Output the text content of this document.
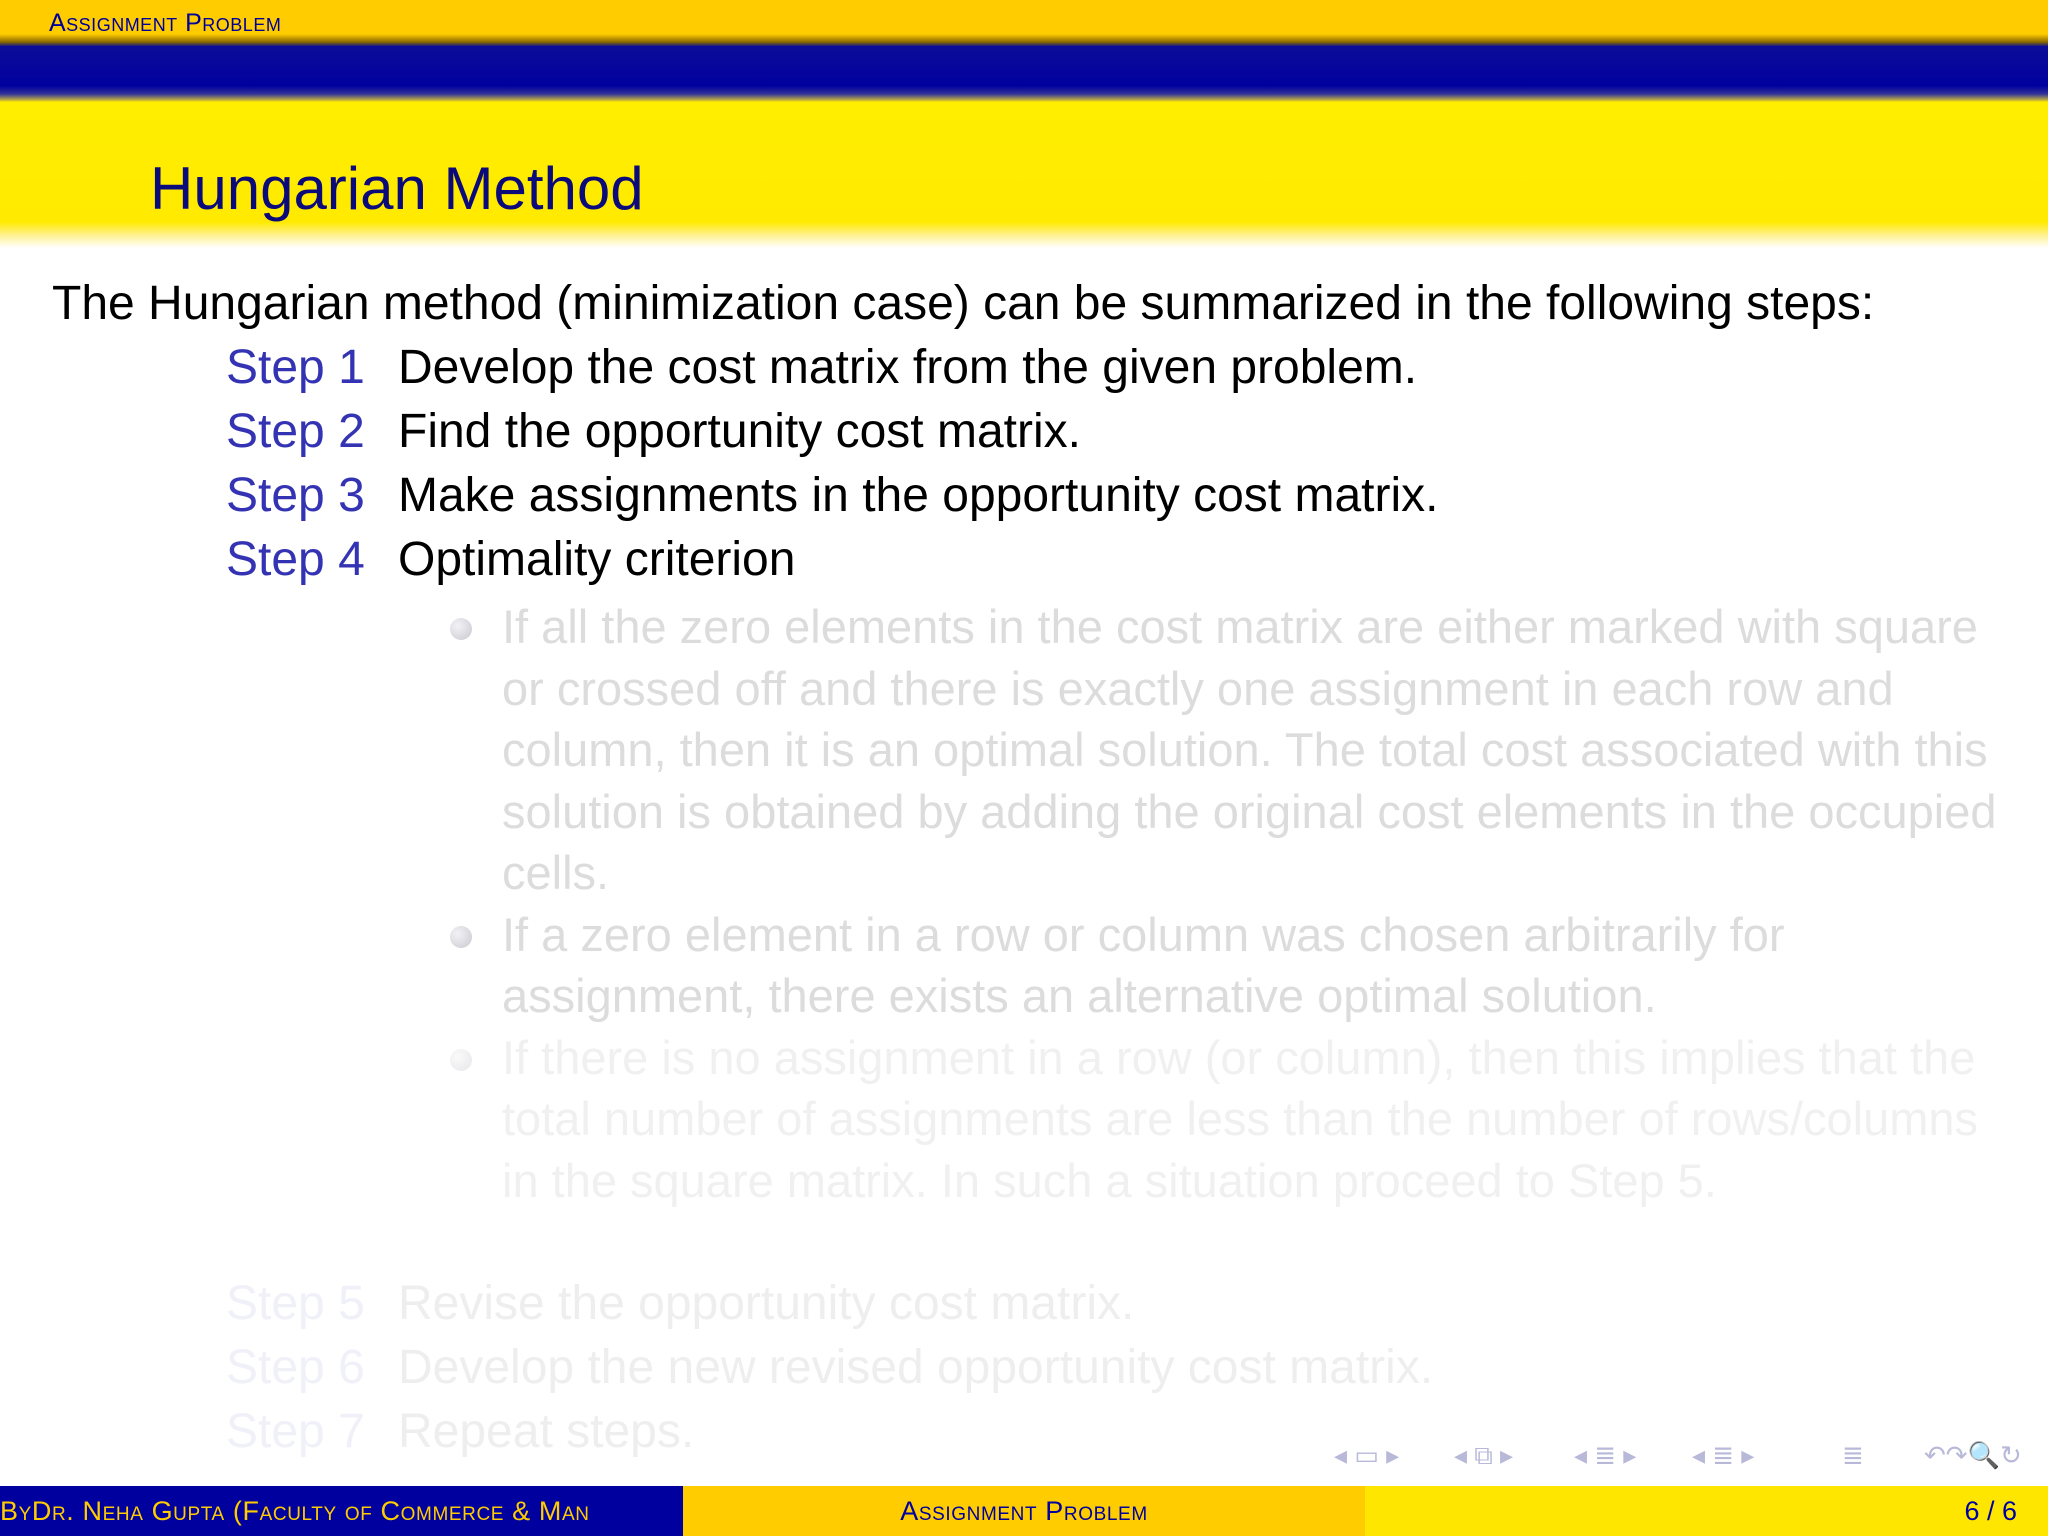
Assignment Problem
Hungarian Method
The Hungarian method (minimization case) can be summarized in the following steps:
Step 1 Develop the cost matrix from the given problem.
Step 2 Find the opportunity cost matrix.
Step 3 Make assignments in the opportunity cost matrix.
Step 4 Optimality criterion
If all the zero elements in the cost matrix are either marked with square or crossed off and there is exactly one assignment in each row and column, then it is an optimal solution. The total cost associated with this solution is obtained by adding the original cost elements in the occupied cells.
If a zero element in a row or column was chosen arbitrarily for assignment, there exists an alternative optimal solution.
If there is no assignment in a row (or column), then this implies that the total number of assignments are less than the number of rows/columns in the square matrix. In such a situation proceed to Step 5.
Step 5 Revise the opportunity cost matrix.
Step 6 Develop the new revised opportunity cost matrix.
Step 7 Repeat steps.	◂ ▭ ▸ ◂ ⧉ ▸ ◂ ≣ ▸ ◂ ≣ ▸	≣ ↶↷🔍↻
ByDr. Neha Gupta (Faculty of Commerce & Man	Assignment Problem	6 / 6
